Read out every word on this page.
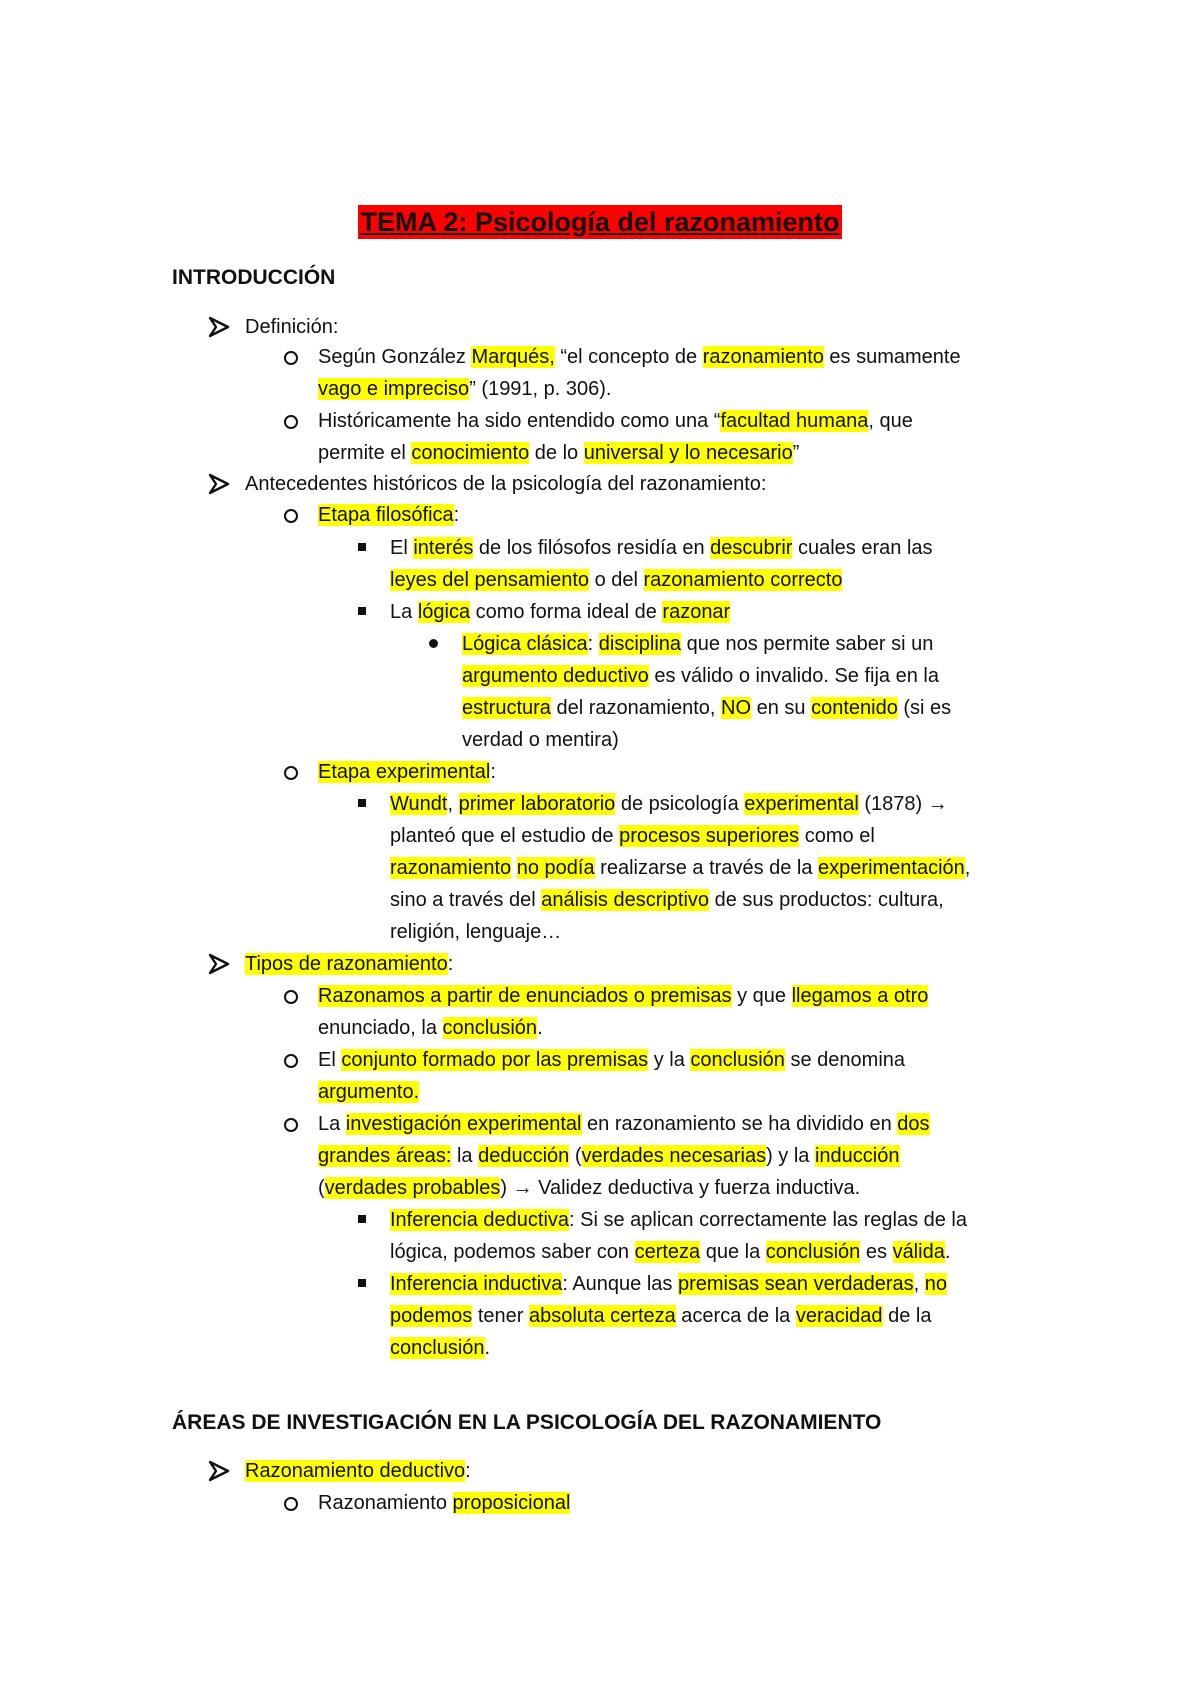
TEMA 2: Psicología del razonamiento
INTRODUCCIÓN
ÁREAS DE INVESTIGACIÓN EN LA PSICOLOGÍA DEL RAZONAMIENTO
Definición:
Según González Marqués, “el concepto de razonamiento es sumamente
vago e impreciso” (1991, p. 306).
Históricamente ha sido entendido como una “facultad humana, que
permite el conocimiento de lo universal y lo necesario”
Antecedentes históricos de la psicología del razonamiento:
Etapa filosófica:
El interés de los filósofos residía en descubrir cuales eran las
leyes del pensamiento o del razonamiento correcto
La lógica como forma ideal de razonar
Lógica clásica: disciplina que nos permite saber si un
argumento deductivo es válido o invalido. Se fija en la
estructura del razonamiento, NO en su contenido (si es
verdad o mentira)
Etapa experimental:
Wundt, primer laboratorio de psicología experimental (1878) →
planteó que el estudio de procesos superiores como el
razonamiento no podía realizarse a través de la experimentación,
sino a través del análisis descriptivo de sus productos: cultura,
religión, lenguaje…
Tipos de razonamiento:
Razonamos a partir de enunciados o premisas y que llegamos a otro
enunciado, la conclusión.
El conjunto formado por las premisas y la conclusión se denomina
argumento.
La investigación experimental en razonamiento se ha dividido en dos
grandes áreas: la deducción (verdades necesarias) y la inducción
(verdades probables) → Validez deductiva y fuerza inductiva.
Inferencia deductiva: Si se aplican correctamente las reglas de la
lógica, podemos saber con certeza que la conclusión es válida.
Inferencia inductiva: Aunque las premisas sean verdaderas, no
podemos tener absoluta certeza acerca de la veracidad de la
conclusión.
Razonamiento deductivo:
Razonamiento proposicional
